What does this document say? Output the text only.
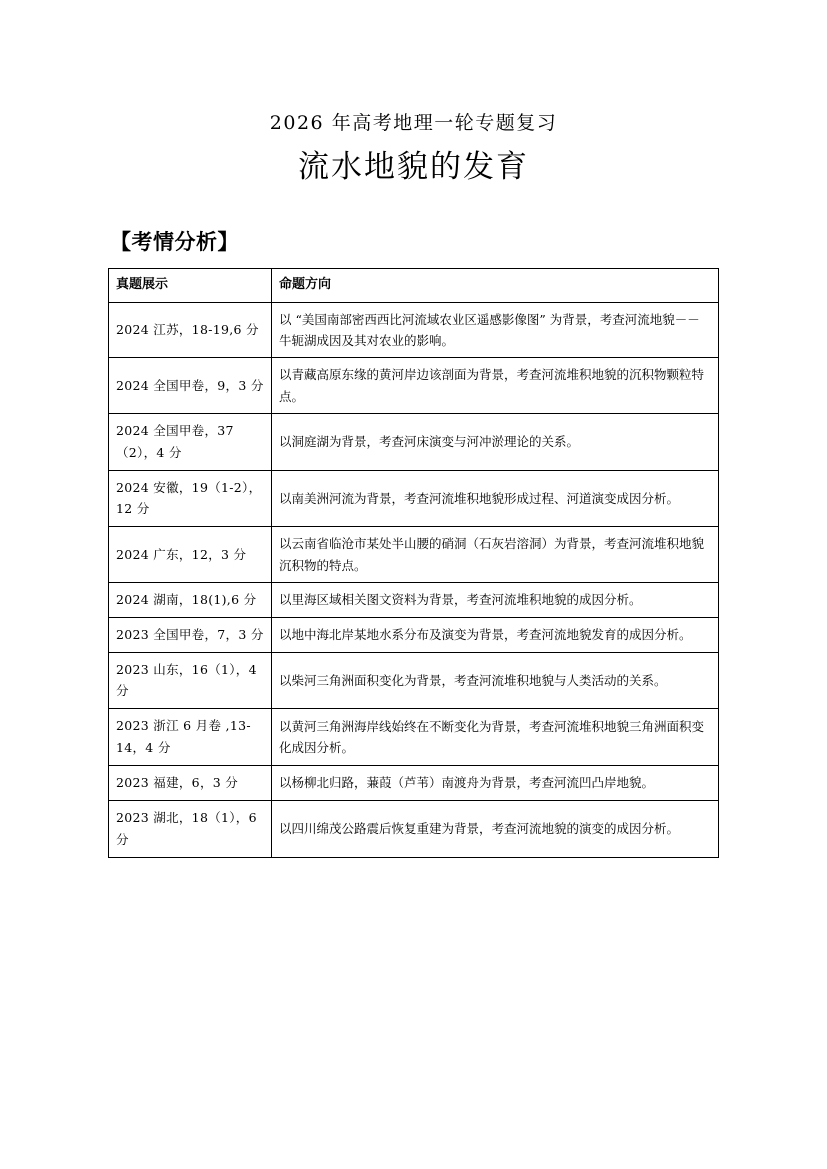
2026 年高考地理一轮专题复习
流水地貌的发育
【考情分析】
真题展示	命题方向
2024 江苏，18-19,6 分	以 “美国南部密西西比河流域农业区遥感影像图” 为背景，考查河流地貌－－牛轭湖成因及其对农业的影响。
2024 全国甲卷，9，3 分	以青藏高原东缘的黄河岸边该剖面为背景，考查河流堆积地貌的沉积物颗粒特点。
2024 全国甲卷，37（2），4 分	以洞庭湖为背景，考查河床演变与河冲淤理论的关系。
2024 安徽，19（1-2），12 分	以南美洲河流为背景，考查河流堆积地貌形成过程、河道演变成因分析。
2024 广东，12，3 分	以云南省临沧市某处半山腰的硝洞（石灰岩溶洞）为背景，考查河流堆积地貌沉积物的特点。
2024 湖南，18(1),6 分	以里海区域相关图文资料为背景，考查河流堆积地貌的成因分析。
2023 全国甲卷，7，3 分	以地中海北岸某地水系分布及演变为背景，考查河流地貌发育的成因分析。
2023 山东，16（1），4 分	以柴河三角洲面积变化为背景，考查河流堆积地貌与人类活动的关系。
2023 浙江 6 月卷 ,13-14，4 分	以黄河三角洲海岸线始终在不断变化为背景，考查河流堆积地貌三角洲面积变化成因分析。
2023 福建，6，3 分	以杨柳北归路，蒹葭（芦苇）南渡舟为背景，考查河流凹凸岸地貌。
2023 湖北，18（1），6 分	以四川绵茂公路震后恢复重建为背景，考查河流地貌的演变的成因分析。
